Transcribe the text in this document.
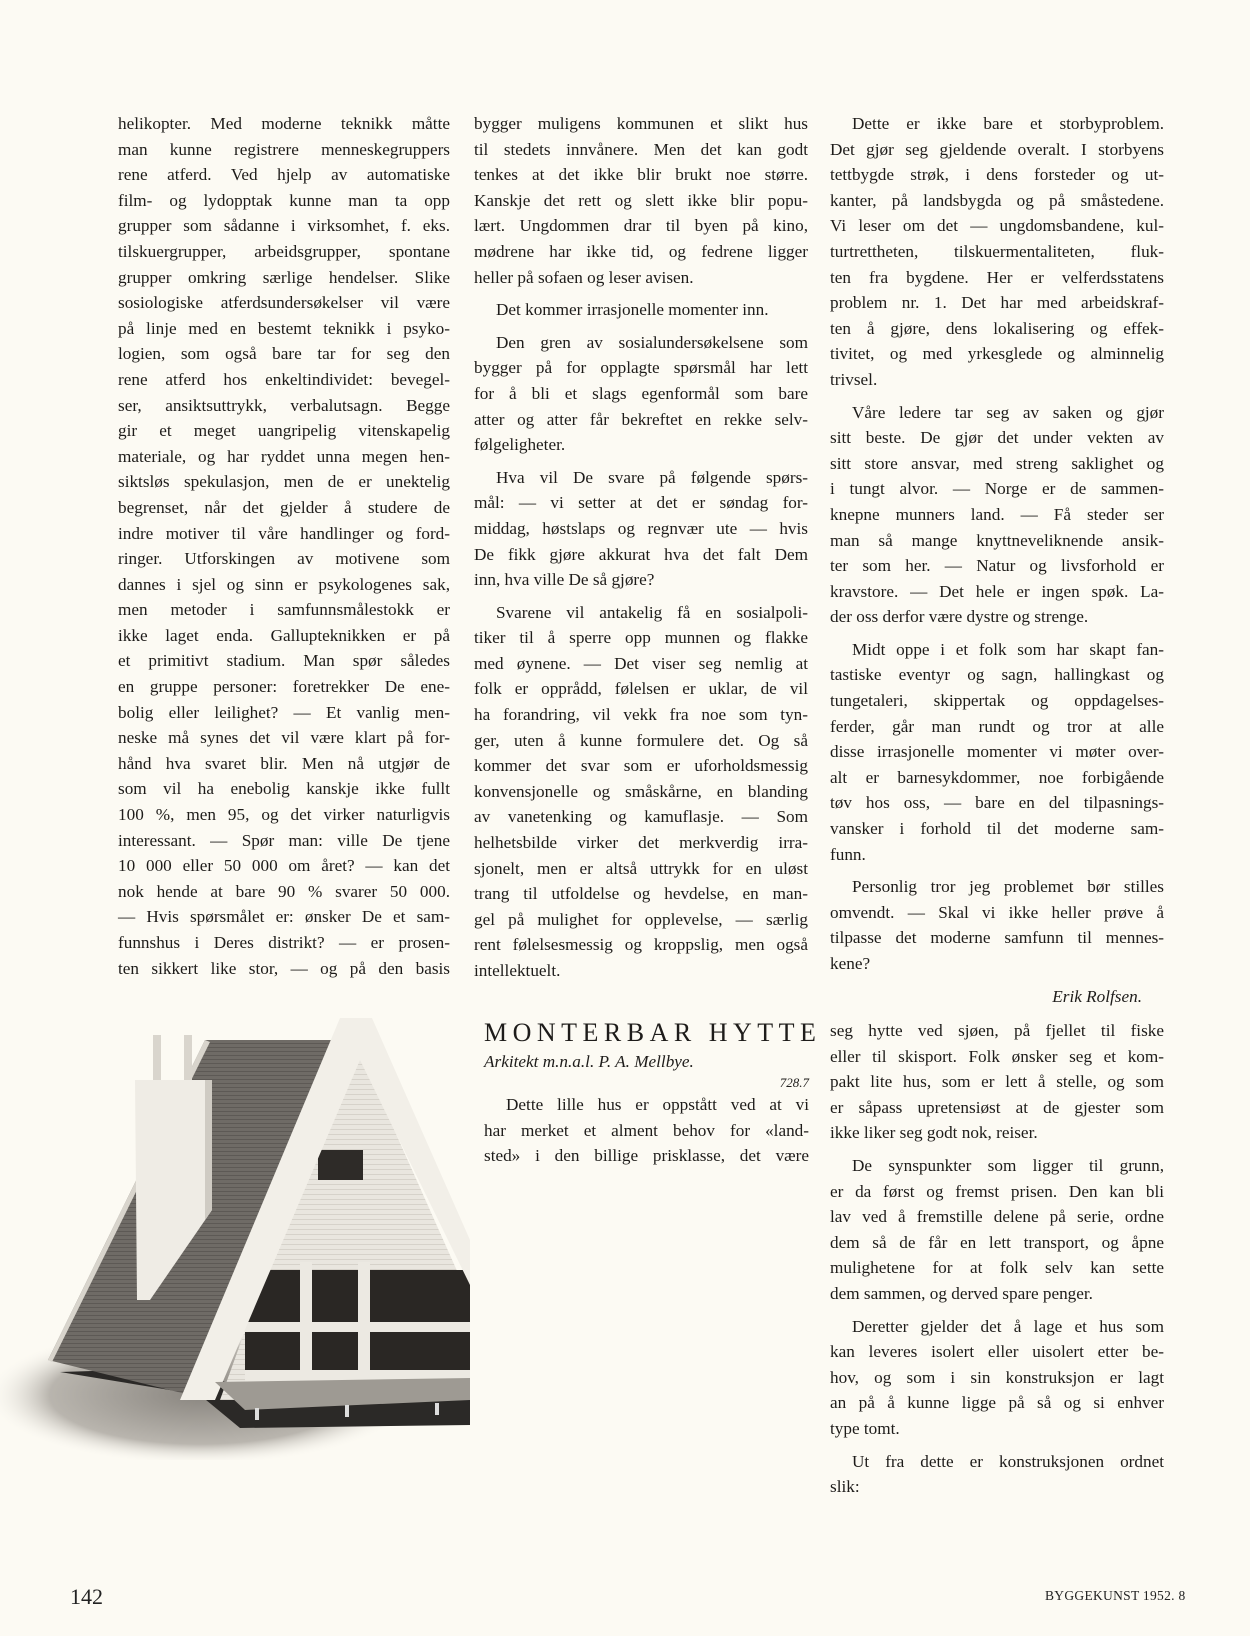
helikopter. Med moderne teknikk måtte
man kunne registrere menneskegruppers
rene atferd. Ved hjelp av automatiske
film- og lydopptak kunne man ta opp
grupper som sådanne i virksomhet, f. eks.
tilskuergrupper, arbeidsgrupper, spontane
grupper omkring særlige hendelser. Slike
sosiologiske atferdsundersøkelser vil være
på linje med en bestemt teknikk i psyko-
logien, som også bare tar for seg den
rene atferd hos enkeltindividet: bevegel-
ser, ansiktsuttrykk, verbalutsagn. Begge
gir et meget uangripelig vitenskapelig
materiale, og har ryddet unna megen hen-
siktsløs spekulasjon, men de er unektelig
begrenset, når det gjelder å studere de
indre motiver til våre handlinger og ford-
ringer. Utforskingen av motivene som
dannes i sjel og sinn er psykologenes sak,
men metoder i samfunnsmålestokk er
ikke laget enda. Gallupteknikken er på
et primitivt stadium. Man spør således
en gruppe personer: foretrekker De ene-
bolig eller leilighet? — Et vanlig men-
neske må synes det vil være klart på for-
hånd hva svaret blir. Men nå utgjør de
som vil ha enebolig kanskje ikke fullt
100 %, men 95, og det virker naturligvis
interessant. — Spør man: ville De tjene
10 000 eller 50 000 om året? — kan det
nok hende at bare 90 % svarer 50 000.
— Hvis spørsmålet er: ønsker De et sam-
funnshus i Deres distrikt? — er prosen-
ten sikkert like stor, — og på den basis

bygger muligens kommunen et slikt hus
til stedets innvånere. Men det kan godt
tenkes at det ikke blir brukt noe større.
Kanskje det rett og slett ikke blir popu-
lært. Ungdommen drar til byen på kino,
mødrene har ikke tid, og fedrene ligger
heller på sofaen og leser avisen.

Det kommer irrasjonelle momenter inn.

Den gren av sosialundersøkelsene som
bygger på for opplagte spørsmål har lett
for å bli et slags egenformål som bare
atter og atter får bekreftet en rekke selv-
følgeligheter.

Hva vil De svare på følgende spørs-
mål: — vi setter at det er søndag for-
middag, høstslaps og regnvær ute — hvis
De fikk gjøre akkurat hva det falt Dem
inn, hva ville De så gjøre?

Svarene vil antakelig få en sosialpoli-
tiker til å sperre opp munnen og flakke
med øynene. — Det viser seg nemlig at
folk er opprådd, følelsen er uklar, de vil
ha forandring, vil vekk fra noe som tyn-
ger, uten å kunne formulere det. Og så
kommer det svar som er uforholdsmessig
konvensjonelle og småskårne, en blanding
av vanetenking og kamuflasje. — Som
helhetsbilde virker det merkverdig irra-
sjonelt, men er altså uttrykk for en uløst
trang til utfoldelse og hevdelse, en man-
gel på mulighet for opplevelse, — særlig
rent følelsesmessig og kroppslig, men også
intellektuelt.

Dette er ikke bare et storbyproblem.
Det gjør seg gjeldende overalt. I storbyens
tettbygde strøk, i dens forsteder og ut-
kanter, på landsbygda og på småstedene.
Vi leser om det — ungdomsbandene, kul-
turtrettheten, tilskuermentaliteten, fluk-
ten fra bygdene. Her er velferdsstatens
problem nr. 1. Det har med arbeidskraf-
ten å gjøre, dens lokalisering og effek-
tivitet, og med yrkesglede og alminnelig
trivsel.

Våre ledere tar seg av saken og gjør
sitt beste. De gjør det under vekten av
sitt store ansvar, med streng saklighet og
i tungt alvor. — Norge er de sammen-
knepne munners land. — Få steder ser
man så mange knyttneveliknende ansik-
ter som her. — Natur og livsforhold er
kravstore. — Det hele er ingen spøk. La-
der oss derfor være dystre og strenge.

Midt oppe i et folk som har skapt fan-
tastiske eventyr og sagn, hallingkast og
tungetaleri, skippertak og oppdagelses-
ferder, går man rundt og tror at alle
disse irrasjonelle momenter vi møter over-
alt er barnesykdommer, noe forbigående
tøv hos oss, — bare en del tilpasnings-
vansker i forhold til det moderne sam-
funn.

Personlig tror jeg problemet bør stilles
omvendt. — Skal vi ikke heller prøve å
tilpasse det moderne samfunn til mennes-
kene?

Erik Rolfsen.
MONTERBAR HYTTE
Arkitekt m.n.a.l. P. A. Mellbye.
728.7

Dette lille hus er oppstått ved at vi
har merket et alment behov for «land-
sted» i den billige prisklasse, det være

seg hytte ved sjøen, på fjellet til fiske
eller til skisport. Folk ønsker seg et kom-
pakt lite hus, som er lett å stelle, og som
er såpass upretensiøst at de gjester som
ikke liker seg godt nok, reiser.

De synspunkter som ligger til grunn,
er da først og fremst prisen. Den kan bli
lav ved å fremstille delene på serie, ordne
dem så de får en lett transport, og åpne
mulighetene for at folk selv kan sette
dem sammen, og derved spare penger.

Deretter gjelder det å lage et hus som
kan leveres isolert eller uisolert etter be-
hov, og som i sin konstruksjon er lagt
an på å kunne ligge på så og si enhver
type tomt.

Ut fra dette er konstruksjonen ordnet
slik:

142	BYGGEKUNST 1952. 8
